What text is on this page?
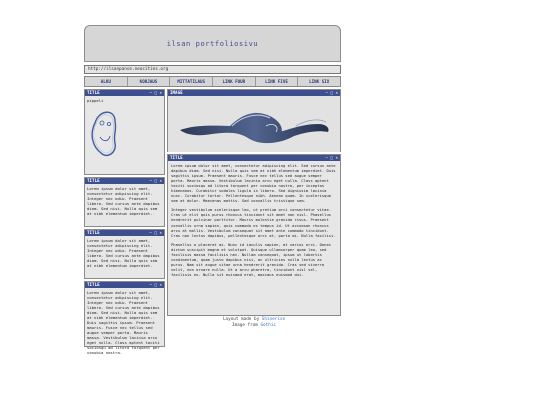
ilsan portfoliosivu
http://ilsanpanse.neocities.org
ALKU	KORJAUS	MITTATILAUS	LINK FOUR	LINK FIVE	LINK SIX
TITLE	– □ ✕
pippeli
TITLE	– □ ✕
Lorem ipsum dolor sit amet, consectetur adipiscing elit. Integer nec odio. Praesent libero. Sed cursus ante dapibus diam. Sed nisi. Nulla quis sem at nibh elementum imperdiet.
TITLE	– □ ✕
Lorem ipsum dolor sit amet, consectetur adipiscing elit. Integer nec odio. Praesent libero. Sed cursus ante dapibus diam. Sed nisi. Nulla quis sem at nibh elementum imperdiet.
TITLE	– □ ✕
Lorem ipsum dolor sit amet, consectetur adipiscing elit. Integer nec odio. Praesent libero. Sed cursus ante dapibus diam. Sed nisi. Nulla quis sem at nibh elementum imperdiet. Duis sagittis ipsum. Praesent mauris. Fusce nec tellus sed augue semper porta. Mauris massa. Vestibulum lacinia arcu eget nulla. Class aptent taciti sociosqu ad litora torquent per conubia nostra.
IMAGE	– □ ✕
TITLE	– □ ✕

Lorem ipsum dolor sit amet, consectetur adipiscing elit. Sed cursus ante dapibus diam. Sed nisi. Nulla quis sem at nibh elementum imperdiet. Duis sagittis ipsum. Praesent mauris. Fusce nec tellus sed augue semper porta. Mauris massa. Vestibulum lacinia arcu eget nulla. Class aptent taciti sociosqu ad litora torquent per conubia nostra, per inceptos himenaeos. Curabitur sodales ligula in libero. Sed dignissim lacinia nunc. Curabitur tortor. Pellentesque nibh. Aenean quam. In scelerisque sem at dolor. Maecenas mattis. Sed convallis tristique sem.

Integer vestibulum scelerisque leo, ut pretium orci consectetur vitae. Cras ut elit quis purus rhoncus tincidunt sit amet non nisl. Phasellus hendrerit pulvinar porttitor. Mauris molestie gravida risus. Praesent convallis urna sapien, quis commodo ex tempus id. Ut accumsan rhoncus arcu at mollis. Vestibulum consequat sit amet ante commodo tincidunt. Cras non lectus dapibus, pellentesque orci at, porta mi. Nulla facilisi.

Phasellus a placerat mi. Nunc id iaculis sapien, at varius orci. Donec dictum suscipit magna et volutpat. Quisque ullamcorper quam leo, sed facilisis massa facilisis nec. Nullam consequat, ipsum ut lobortis condimentum, quam justo dapibus nisi, ac ultricies nulla lectus ac purus. Nam sit augue vitae urna hendrerit gravida. Cras sed viverra velit, non ornare nulla. Ut a arcu pharetra, tincidunt nisl vel, facilisis ex. Nulla sit euismod erat, maximus euismod dui.

Layout made by Shinerise
Image from Gothic
